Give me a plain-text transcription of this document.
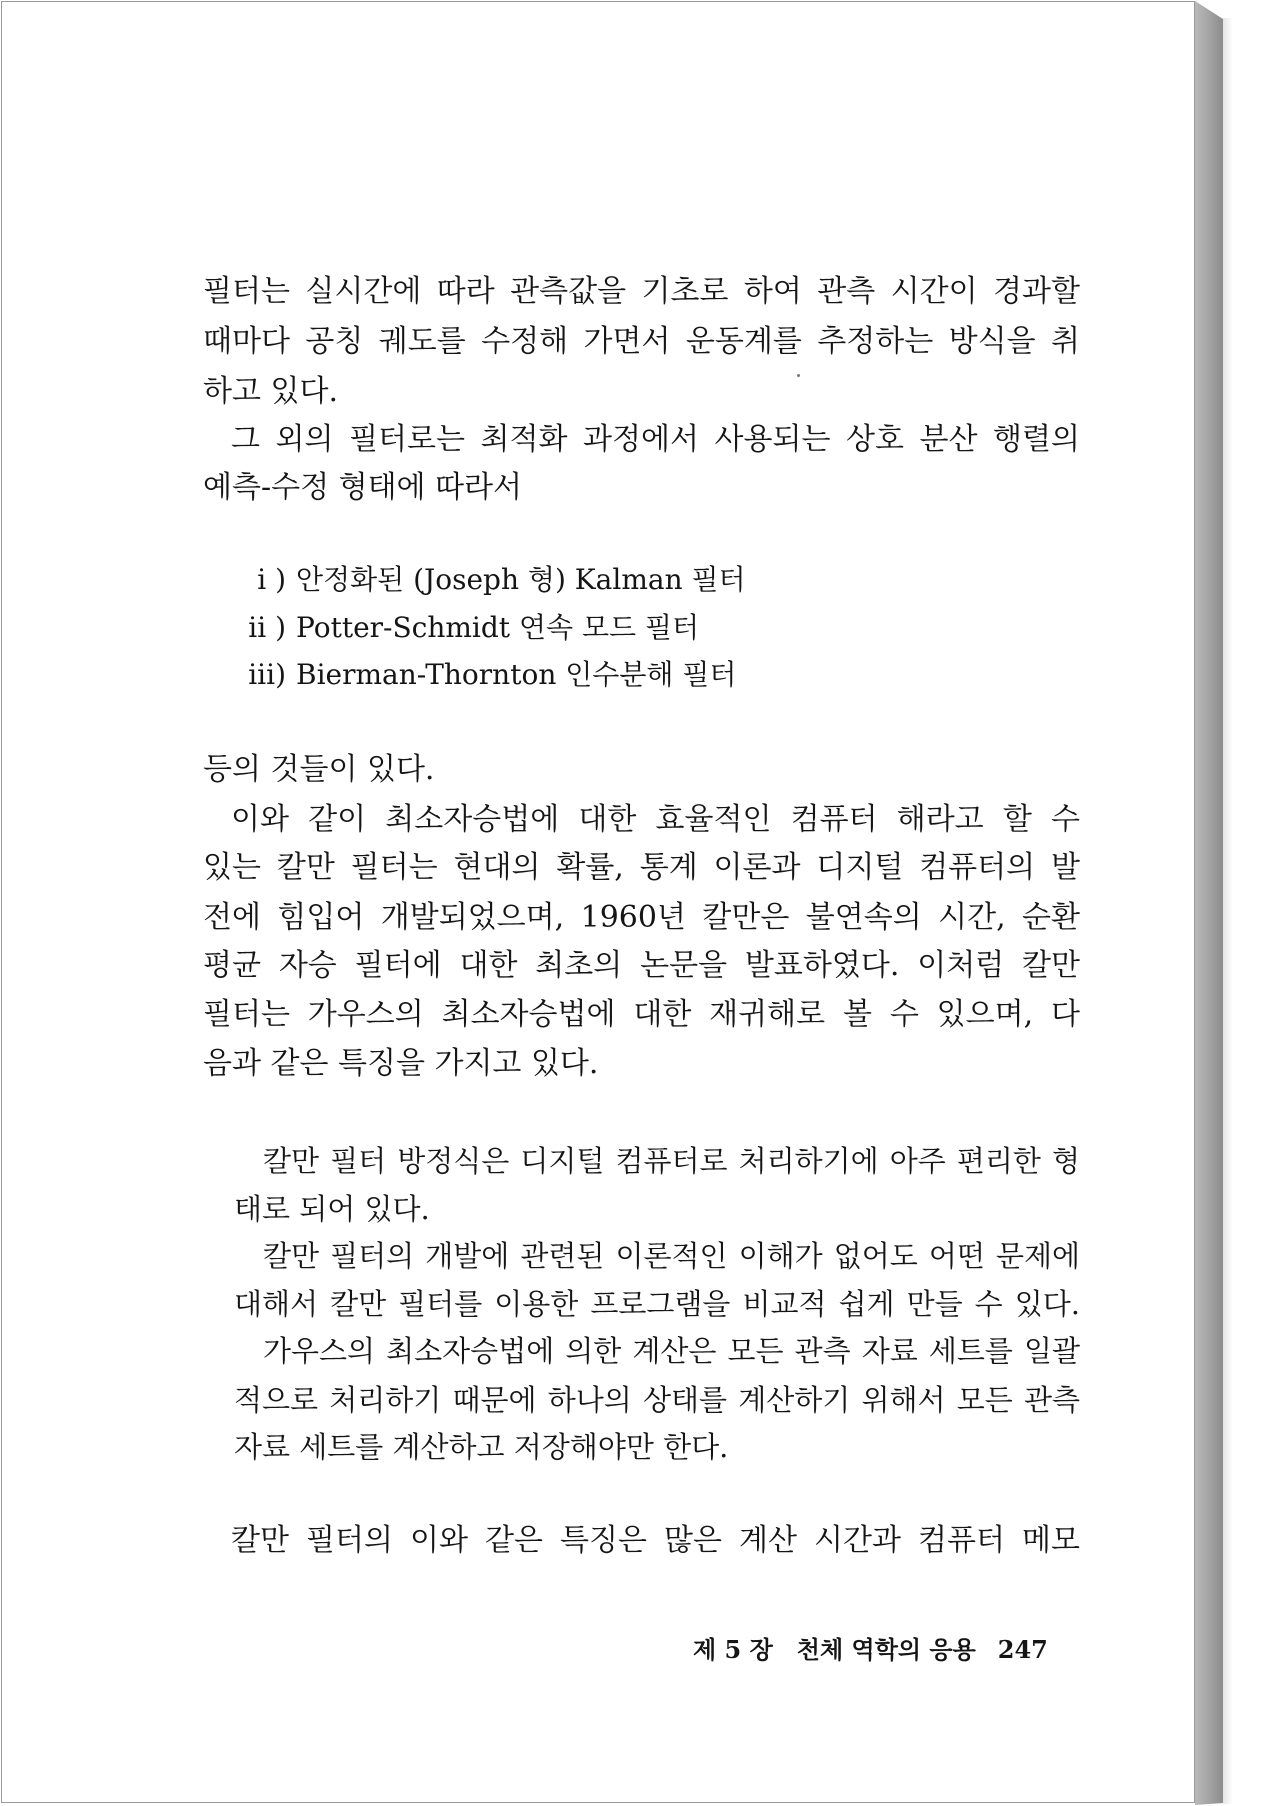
필터는 실시간에 따라 관측값을 기초로 하여 관측 시간이 경과할

때마다 공칭 궤도를 수정해 가면서 운동계를 추정하는 방식을 취

하고 있다.

그 외의 필터로는 최적화 과정에서 사용되는 상호 분산 행렬의

예측-수정 형태에 따라서

i ) 안정화된 (Joseph 형) Kalman 필터

ii ) Potter-Schmidt 연속 모드 필터

iii) Bierman-Thornton 인수분해 필터

등의 것들이 있다.

이와 같이 최소자승법에 대한 효율적인 컴퓨터 해라고 할 수

있는 칼만 필터는 현대의 확률, 통계 이론과 디지털 컴퓨터의 발

전에 힘입어 개발되었으며, 1960년 칼만은 불연속의 시간, 순환

평균 자승 필터에 대한 최초의 논문을 발표하였다. 이처럼 칼만

필터는 가우스의 최소자승법에 대한 재귀해로 볼 수 있으며, 다

음과 같은 특징을 가지고 있다.

칼만 필터 방정식은 디지털 컴퓨터로 처리하기에 아주 편리한 형

태로 되어 있다.

칼만 필터의 개발에 관련된 이론적인 이해가 없어도 어떤 문제에

대해서 칼만 필터를 이용한 프로그램을 비교적 쉽게 만들 수 있다.

가우스의 최소자승법에 의한 계산은 모든 관측 자료 세트를 일괄

적으로 처리하기 때문에 하나의 상태를 계산하기 위해서 모든 관측

자료 세트를 계산하고 저장해야만 한다.

칼만 필터의 이와 같은 특징은 많은 계산 시간과 컴퓨터 메모

제 5 장 천체 역학의 응용 247
